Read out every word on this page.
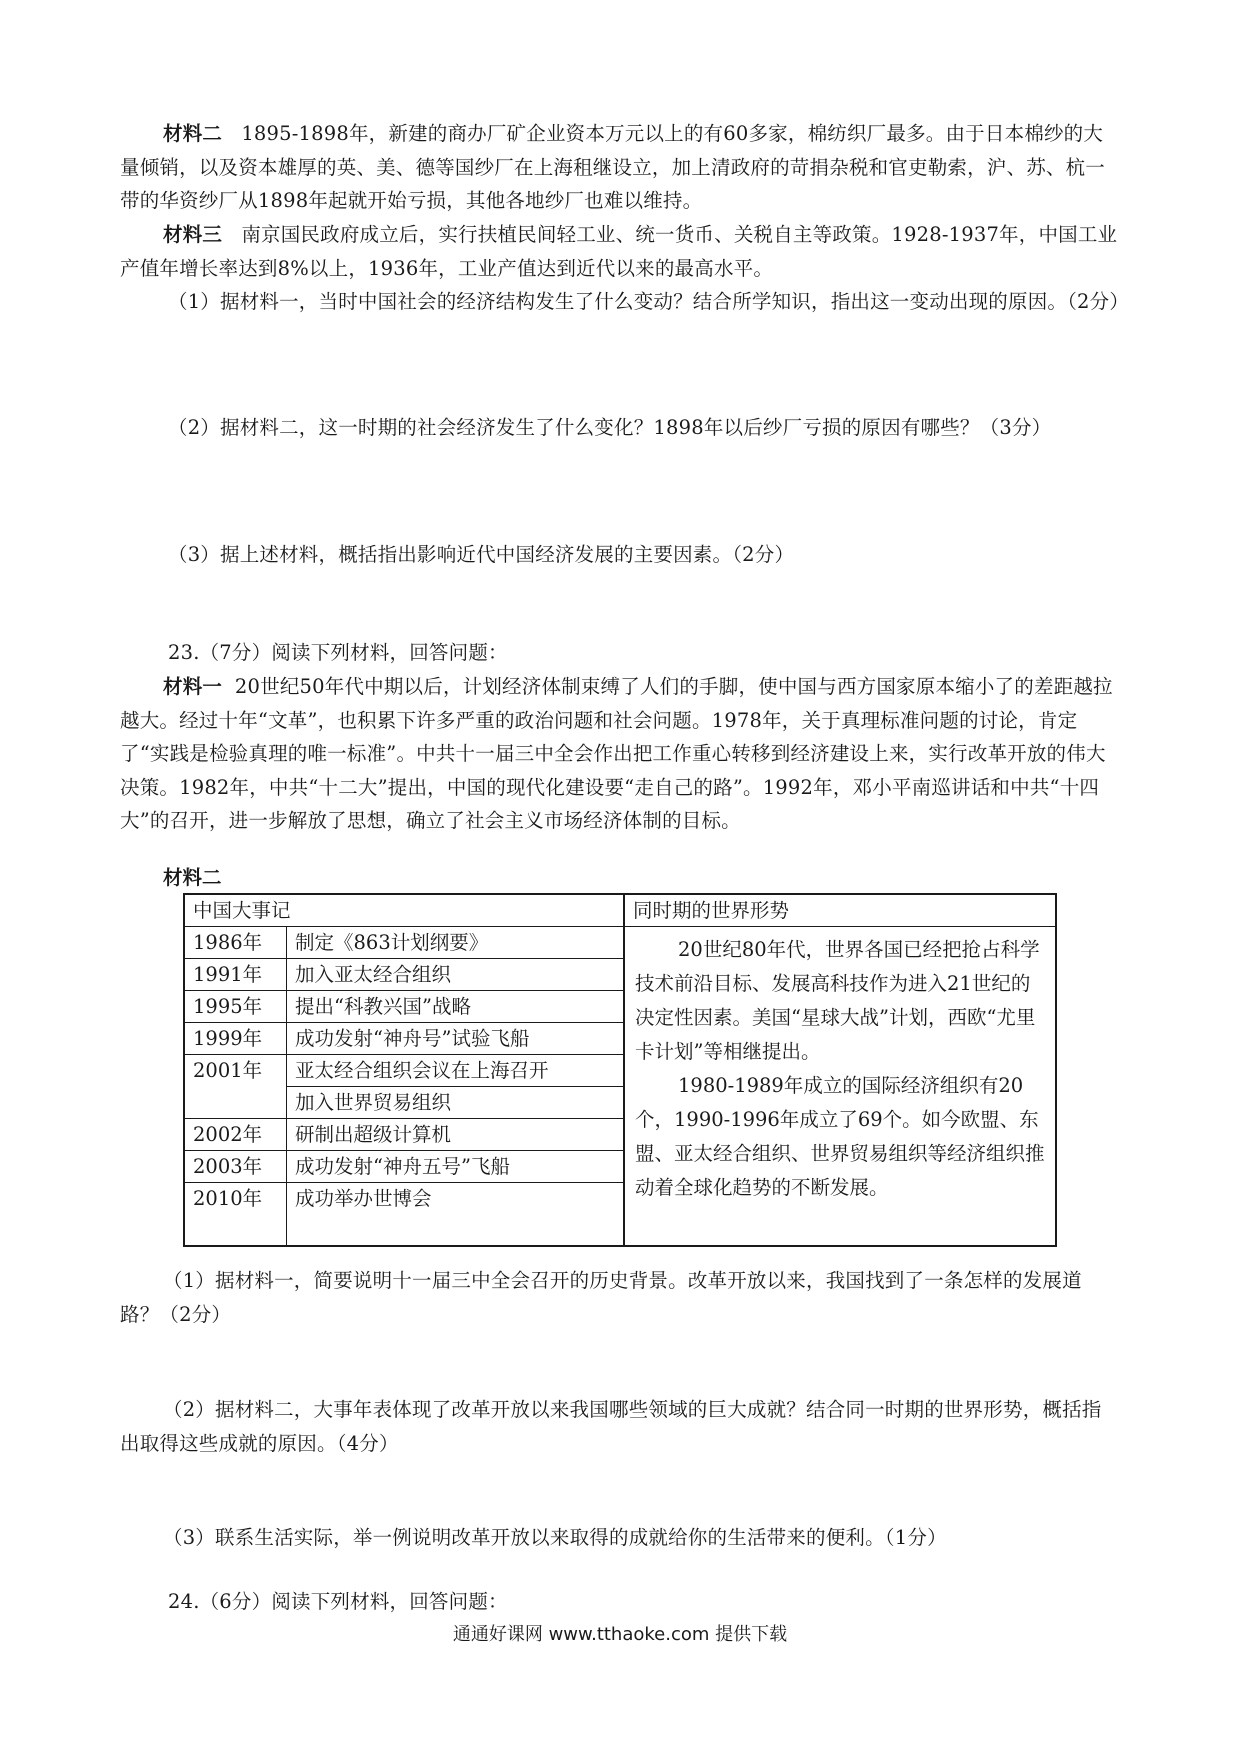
材料二 1895-1898年，新建的商办厂矿企业资本万元以上的有60多家，棉纺织厂最多。由于日本棉纱的大量倾销，以及资本雄厚的英、美、德等国纱厂在上海租继设立，加上清政府的苛捐杂税和官吏勒索，沪、苏、杭一带的华资纱厂从1898年起就开始亏损，其他各地纱厂也难以维持。

材料三 南京国民政府成立后，实行扶植民间轻工业、统一货币、关税自主等政策。1928-1937年，中国工业产值年增长率达到8%以上，1936年，工业产值达到近代以来的最高水平。

（1）据材料一，当时中国社会的经济结构发生了什么变动？结合所学知识，指出这一变动出现的原因。（2分）

（2）据材料二，这一时期的社会经济发生了什么变化？1898年以后纱厂亏损的原因有哪些？（3分）

（3）据上述材料，概括指出影响近代中国经济发展的主要因素。（2分）

23.（7分）阅读下列材料，回答问题：

材料一 20世纪50年代中期以后，计划经济体制束缚了人们的手脚，使中国与西方国家原本缩小了的差距越拉越大。经过十年“文革”，也积累下许多严重的政治问题和社会问题。1978年，关于真理标准问题的讨论，肯定了“实践是检验真理的唯一标准”。中共十一届三中全会作出把工作重心转移到经济建设上来，实行改革开放的伟大决策。1982年，中共“十二大”提出，中国的现代化建设要“走自己的路”。1992年，邓小平南巡讲话和中共“十四大”的召开，进一步解放了思想，确立了社会主义市场经济体制的目标。

材料二
中国大事记		同时期的世界形势
1986年	制定《863计划纲要》	20世纪80年代，世界各国已经把抢占科学技术前沿目标、发展高科技作为进入21世纪的决定性因素。美国“星球大战”计划，西欧“尤里卡计划”等相继提出。

1980-1989年成立的国际经济组织有20个，1990-1996年成立了69个。如今欧盟、东盟、亚太经合组织、世界贸易组织等经济组织推动着全球化趋势的不断发展。

1991年	加入亚太经合组织	
1995年	提出“科教兴国”战略	
1999年	成功发射“神舟号”试验飞船	
2001年	亚太经合组织会议在上海召开	
	加入世界贸易组织	
2002年	研制出超级计算机	
2003年	成功发射“神舟五号”飞船	
2010年	成功举办世博会	

（1）据材料一，简要说明十一届三中全会召开的历史背景。改革开放以来，我国找到了一条怎样的发展道路？（2分）

（2）据材料二，大事年表体现了改革开放以来我国哪些领域的巨大成就？结合同一时期的世界形势，概括指出取得这些成就的原因。（4分）

（3）联系生活实际，举一例说明改革开放以来取得的成就给你的生活带来的便利。（1分）

24.（6分）阅读下列材料，回答问题：

通通好课网 www.tthaoke.com 提供下载
